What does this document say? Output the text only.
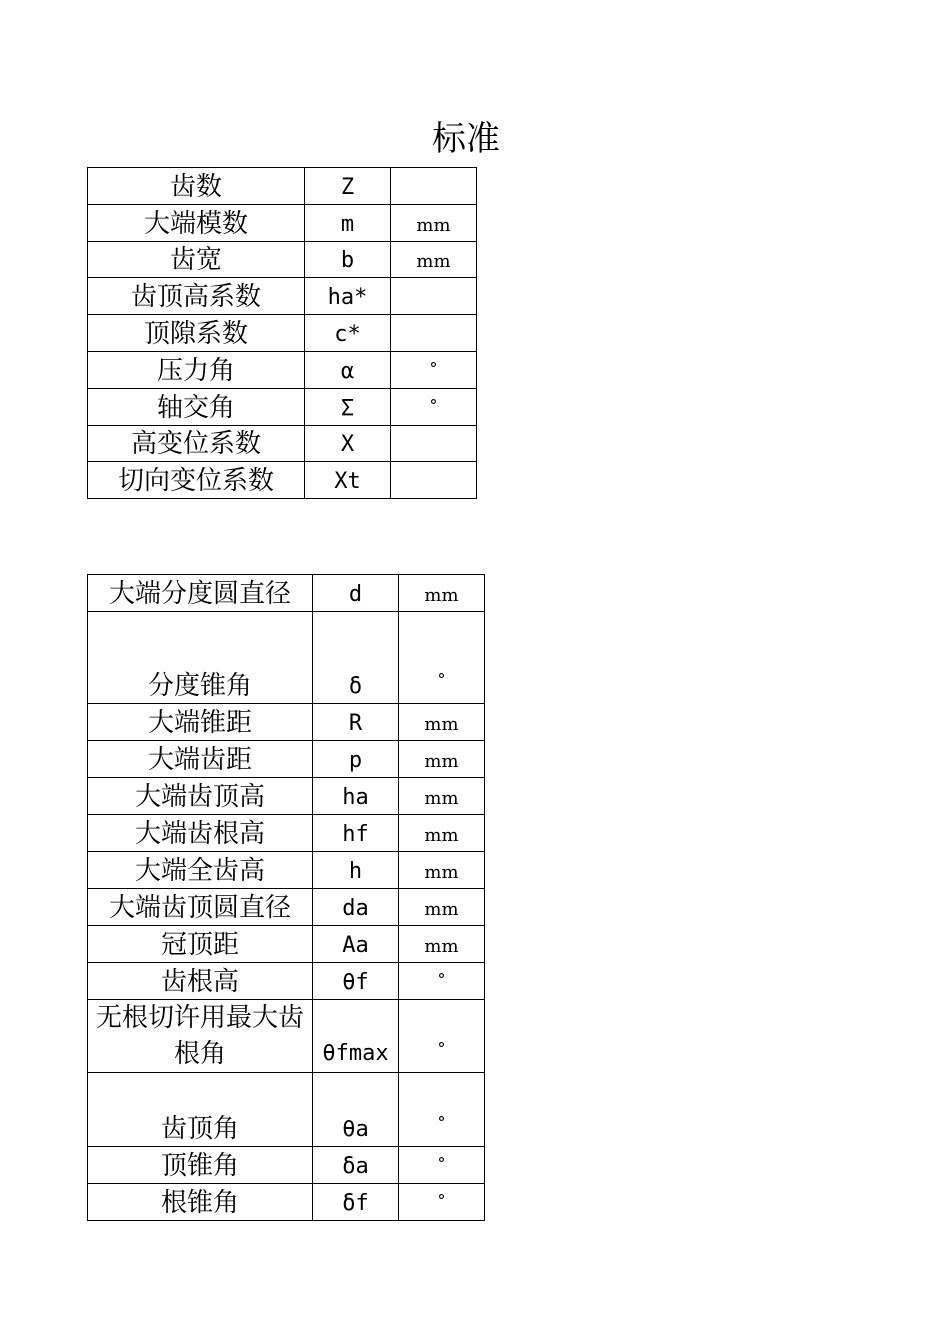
标准
齿数	Z	
大端模数	m	mm
齿宽	b	mm
齿顶高系数	ha*	
顶隙系数	c*	
压力角	α	°
轴交角	Σ	°
高变位系数	X	
切向变位系数	Xt	
大端分度圆直径	d	mm
分度锥角	δ	°
大端锥距	R	mm
大端齿距	p	mm
大端齿顶高	ha	mm
大端齿根高	hf	mm
大端全齿高	h	mm
大端齿顶圆直径	da	mm
冠顶距	Aa	mm
齿根高	θf	°
无根切许用最大齿根角	θfmax	°
齿顶角	θa	°
顶锥角	δa	°
根锥角	δf	°
